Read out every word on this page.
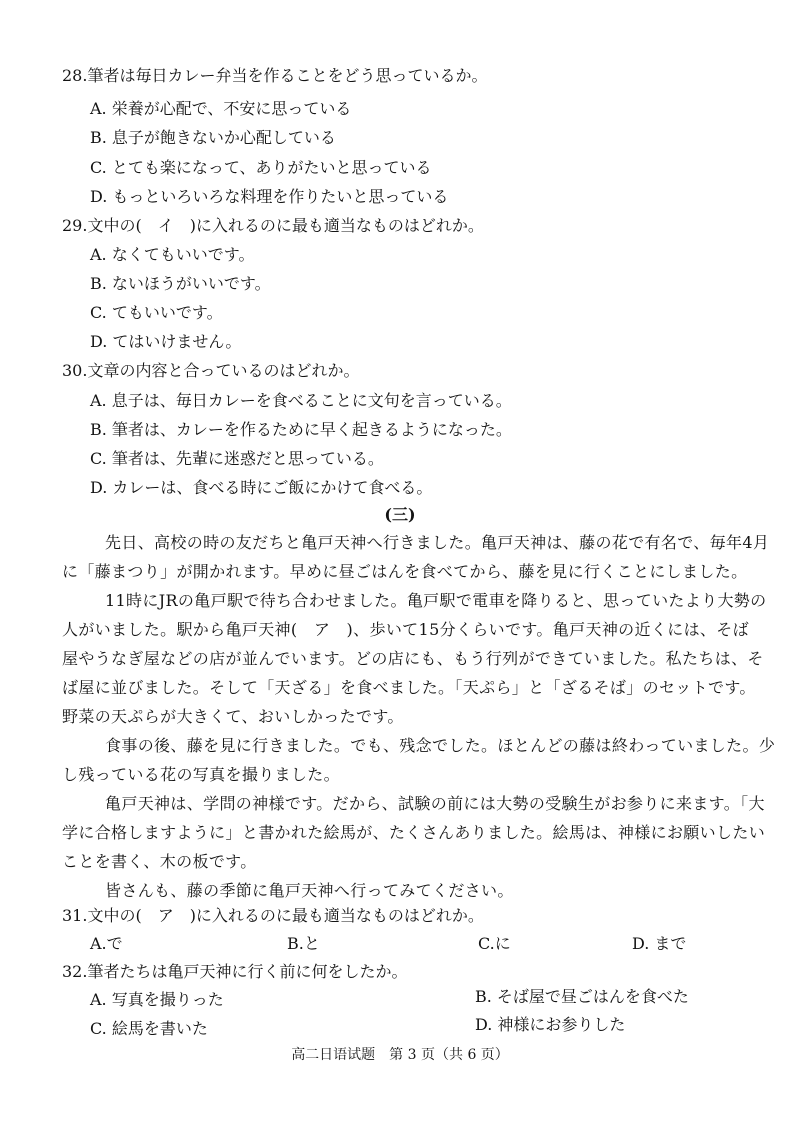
28.筆者は毎日カレー弁当を作ることをどう思っているか。
A. 栄養が心配で、不安に思っている
B. 息子が飽きないか心配している
C. とても楽になって、ありがたいと思っている
D. もっといろいろな料理を作りたいと思っている
29.文中の(　イ　)に入れるのに最も適当なものはどれか。
A. なくてもいいです。
B. ないほうがいいです。
C. てもいいです。
D. てはいけません。
30.文章の内容と合っているのはどれか。
A. 息子は、毎日カレーを食べることに文句を言っている。
B. 筆者は、カレーを作るために早く起きるようになった。
C. 筆者は、先輩に迷惑だと思っている。
D. カレーは、食べる時にご飯にかけて食べる。
(三)
先日、高校の時の友だちと亀戸天神へ行きました。亀戸天神は、藤の花で有名で、毎年4月
に「藤まつり」が開かれます。早めに昼ごはんを食べてから、藤を見に行くことにしました。
11時にJRの亀戸駅で待ち合わせました。亀戸駅で電車を降りると、思っていたより大勢の
人がいました。駅から亀戸天神(　ア　)、歩いて15分くらいです。亀戸天神の近くには、そば
屋やうなぎ屋などの店が並んでいます。どの店にも、もう行列ができていました。私たちは、そ
ば屋に並びました。そして「天ざる」を食べました。「天ぷら」と「ざるそば」のセットです。
野菜の天ぷらが大きくて、おいしかったです。
食事の後、藤を見に行きました。でも、残念でした。ほとんどの藤は終わっていました。少
し残っている花の写真を撮りました。
亀戸天神は、学問の神様です。だから、試験の前には大勢の受験生がお参りに来ます。「大
学に合格しますように」と書かれた絵馬が、たくさんありました。絵馬は、神様にお願いしたい
ことを書く、木の板です。
皆さんも、藤の季節に亀戸天神へ行ってみてください。
31.文中の(　ア　)に入れるのに最も適当なものはどれか。
A.で	B.と	C.に	D. まで
32.筆者たちは亀戸天神に行く前に何をしたか。
A. 写真を撮りった	B. そば屋で昼ごはんを食べた
C. 絵馬を書いた	D. 神様にお参りした
高二日语试题　第 3 页（共 6 页）
